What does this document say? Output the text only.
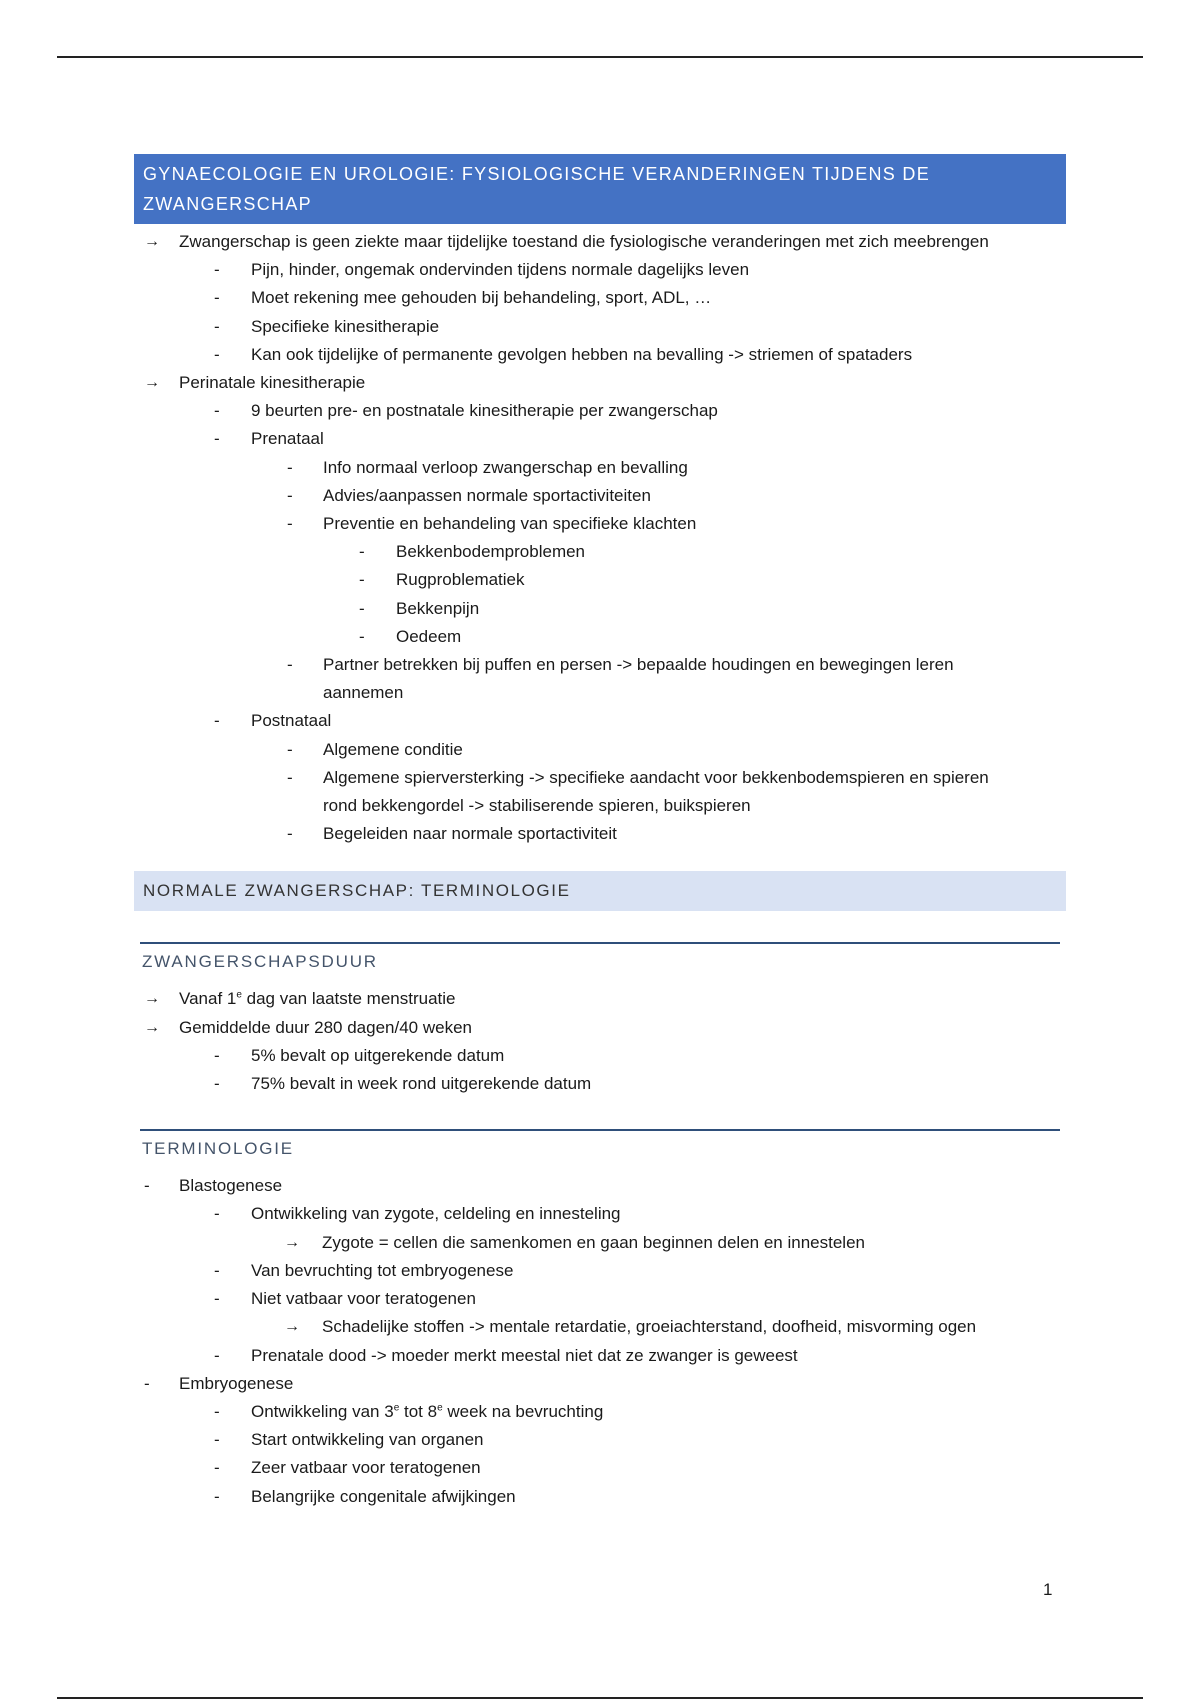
GYNAECOLOGIE EN UROLOGIE: FYSIOLOGISCHE VERANDERINGEN TIJDENS DE ZWANGERSCHAP
→	Zwangerschap is geen ziekte maar tijdelijke toestand die fysiologische veranderingen met zich meebrengen
-	Pijn, hinder, ongemak ondervinden tijdens normale dagelijks leven
-	Moet rekening mee gehouden bij behandeling, sport, ADL, …
-	Specifieke kinesitherapie
-	Kan ook tijdelijke of permanente gevolgen hebben na bevalling -> striemen of spataders
→	Perinatale kinesitherapie
-	9 beurten pre- en postnatale kinesitherapie per zwangerschap
-	Prenataal
-	Info normaal verloop zwangerschap en bevalling
-	Advies/aanpassen normale sportactiviteiten
-	Preventie en behandeling van specifieke klachten
-	Bekkenbodemproblemen
-	Rugproblematiek
-	Bekkenpijn
-	Oedeem
-	Partner betrekken bij puffen en persen -> bepaalde houdingen en bewegingen leren
aannemen
-	Postnataal
-	Algemene conditie
-	Algemene spierversterking -> specifieke aandacht voor bekkenbodemspieren en spieren
rond bekkengordel -> stabiliserende spieren, buikspieren
-	Begeleiden naar normale sportactiviteit
NORMALE ZWANGERSCHAP: TERMINOLOGIE
ZWANGERSCHAPSDUUR
→	Vanaf 1e dag van laatste menstruatie
→	Gemiddelde duur 280 dagen/40 weken
-	5% bevalt op uitgerekende datum
-	75% bevalt in week rond uitgerekende datum
TERMINOLOGIE
-	Blastogenese
-	Ontwikkeling van zygote, celdeling en innesteling
→	Zygote = cellen die samenkomen en gaan beginnen delen en innestelen
-	Van bevruchting tot embryogenese
-	Niet vatbaar voor teratogenen
→	Schadelijke stoffen -> mentale retardatie, groeiachterstand, doofheid, misvorming ogen
-	Prenatale dood -> moeder merkt meestal niet dat ze zwanger is geweest
-	Embryogenese
-	Ontwikkeling van 3e tot 8e week na bevruchting
-	Start ontwikkeling van organen
-	Zeer vatbaar voor teratogenen
-	Belangrijke congenitale afwijkingen
1
